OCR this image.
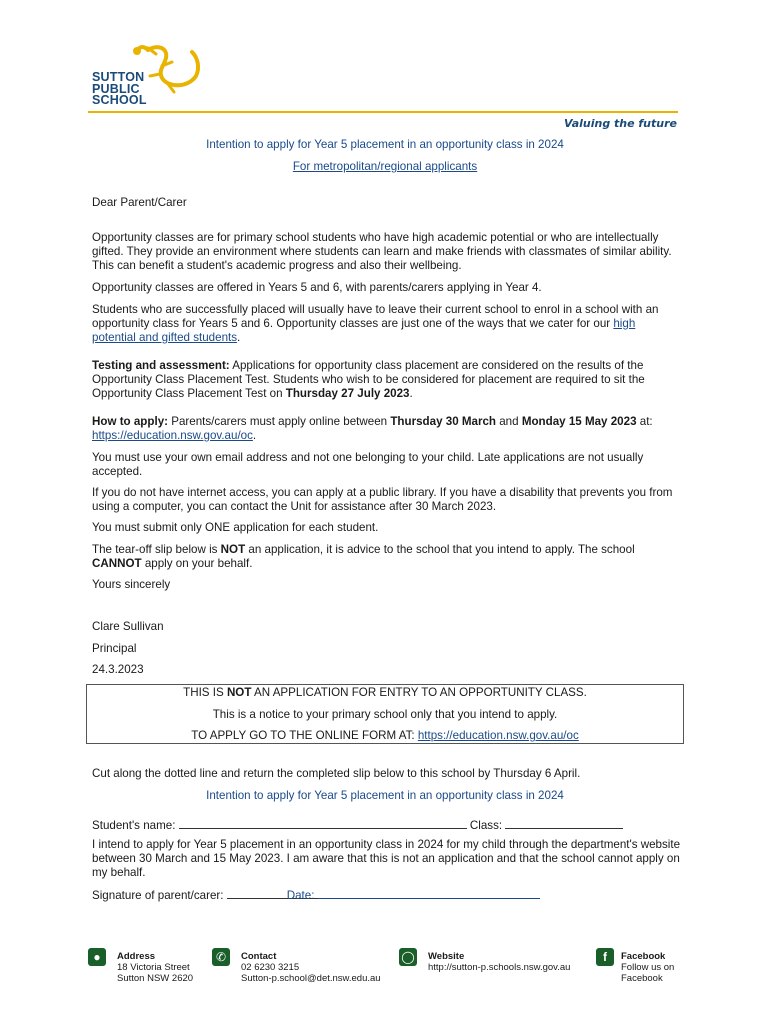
SUTTON
PUBLIC
SCHOOL
Valuing the future
Intention to apply for Year 5 placement in an opportunity class in 2024
For metropolitan/regional applicants
Dear Parent/Carer
Opportunity classes are for primary school students who have high academic potential or who are intellectually gifted. They provide an environment where students can learn and make friends with classmates of similar ability. This can benefit a student's academic progress and also their wellbeing.
Opportunity classes are offered in Years 5 and 6, with parents/carers applying in Year 4.
Students who are successfully placed will usually have to leave their current school to enrol in a school with an opportunity class for Years 5 and 6. Opportunity classes are just one of the ways that we cater for our high potential and gifted students.
Testing and assessment: Applications for opportunity class placement are considered on the results of the Opportunity Class Placement Test. Students who wish to be considered for placement are required to sit the Opportunity Class Placement Test on Thursday 27 July 2023.
How to apply: Parents/carers must apply online between Thursday 30 March and Monday 15 May 2023 at: https://education.nsw.gov.au/oc.
You must use your own email address and not one belonging to your child. Late applications are not usually accepted.
If you do not have internet access, you can apply at a public library. If you have a disability that prevents you from using a computer, you can contact the Unit for assistance after 30 March 2023.
You must submit only ONE application for each student.
The tear-off slip below is NOT an application, it is advice to the school that you intend to apply. The school CANNOT apply on your behalf.
Yours sincerely
Clare Sullivan
Principal
24.3.2023
THIS IS NOT AN APPLICATION FOR ENTRY TO AN OPPORTUNITY CLASS.
This is a notice to your primary school only that you intend to apply.
TO APPLY GO TO THE ONLINE FORM AT: https://education.nsw.gov.au/oc
Cut along the dotted line and return the completed slip below to this school by Thursday 6 April.
Intention to apply for Year 5 placement in an opportunity class in 2024
Student's name:	Class:
I intend to apply for Year 5 placement in an opportunity class in 2024 for my child through the department's website between 30 March and 15 May 2023. I am aware that this is not an application and that the school cannot apply on my behalf.
Signature of parent/carer:	Date:
●	Address
18 Victoria Street
Sutton NSW 2620
✆	Contact
02 6230 3215
Sutton-p.school@det.nsw.edu.au
◯ Website
http://sutton-p.schools.nsw.gov.au
f	Facebook
Follow us on
Facebook
